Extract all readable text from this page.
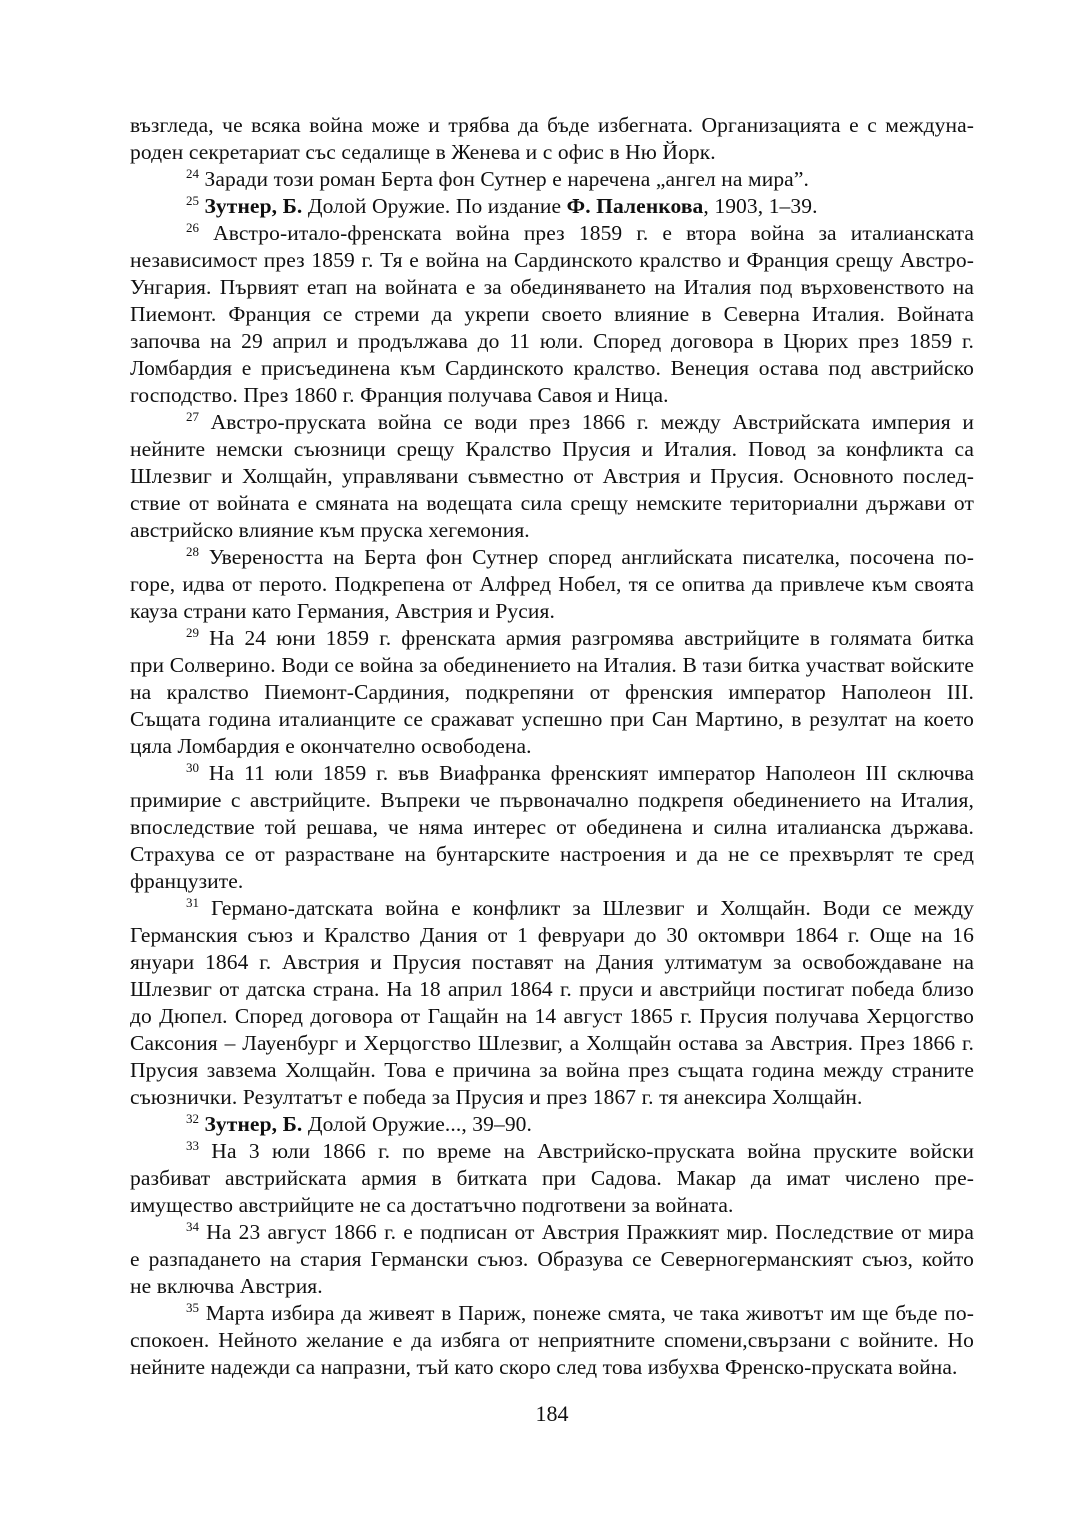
възгледа, че всяка война може и трябва да бъде избегната. Организацията е с междуна-
роден секретариат със седалище в Женева и с офис в Ню Йорк.
$^{24}$ Заради този роман Берта фон Сутнер е наречена „ангел на мира”.
$^{25}$ Зутнер, Б. Долой Оружие. По издание Ф. Паленкова, 1903, 1–39.
$^{26}$ Австро-итало-френската война през 1859 г. е втора война за италианската
независимост през 1859 г. Тя е война на Сардинското кралство и Франция срещу Австро-
Унгария. Първият етап на войната е за обединяването на Италия под върховенството на
Пиемонт. Франция се стреми да укрепи своето влияние в Северна Италия. Войната
започва на 29 април и продължава до 11 юли. Според договора в Цюрих през 1859 г.
Ломбардия е присъединена към Сардинското кралство. Венеция остава под австрийско
господство. През 1860 г. Франция получава Савоя и Ница.
$^{27}$ Австро-пруската война се води през 1866 г. между Австрийската империя и
нейните немски съюзници срещу Кралство Прусия и Италия. Повод за конфликта са
Шлезвиг и Холщайн, управлявани съвместно от Австрия и Прусия. Основното послед-
ствие от войната е смяната на водещата сила срещу немските териториални държави от
австрийско влияние към пруска хегемония.
$^{28}$ Увереността на Берта фон Сутнер според английската писателка, посочена по-
горе, идва от перото. Подкрепена от Алфред Нобел, тя се опитва да привлече към своята
кауза страни като Германия, Австрия и Русия.
$^{29}$ На 24 юни 1859 г. френската армия разгромява австрийците в голямата битка
при Солверино. Води се война за обединението на Италия. В тази битка участват войските
на кралство Пиемонт-Сардиния, подкрепяни от френския император Наполеон III.
Същата година италианците се сражават успешно при Сан Мартино, в резултат на което
цяла Ломбардия е окончателно освободена.
$^{30}$ На 11 юли 1859 г. във Виафранка френският император Наполеон III сключва
примирие с австрийците. Въпреки че първоначално подкрепя обединението на Италия,
впоследствие той решава, че няма интерес от обединена и силна италианска държава.
Страхува се от разрастване на бунтарските настроения и да не се прехвърлят те сред
французите.
$^{31}$ Германо-датската война е конфликт за Шлезвиг и Холщайн. Води се между
Германския съюз и Кралство Дания от 1 февруари до 30 октомври 1864 г. Още на 16
януари 1864 г. Австрия и Прусия поставят на Дания ултиматум за освобождаване на
Шлезвиг от датска страна. На 18 април 1864 г. пруси и австрийци постигат победа близо
до Дюпел. Според договора от Гащайн на 14 август 1865 г. Прусия получава Херцогство
Саксония – Лауенбург и Херцогство Шлезвиг, а Холщайн остава за Австрия. През 1866 г.
Прусия завзема Холщайн. Това е причина за война през същата година между страните
съюзнички. Резултатът е победа за Прусия и през 1867 г. тя анексира Холщайн.
$^{32}$ Зутнер, Б. Долой Оружие..., 39–90.
$^{33}$ На 3 юли 1866 г. по време на Австрийско-пруската война пруските войски
разбиват австрийската армия в битката при Садова. Макар да имат числено пре-
имущество австрийците не са достатъчно подготвени за войната.
$^{34}$ На 23 август 1866 г. е подписан от Австрия Пражкият мир. Последствие от мира
е разпадането на стария Германски съюз. Образува се Северногерманският съюз, който
не включва Австрия.
$^{35}$ Марта избира да живеят в Париж, понеже смята, че така животът им ще бъде по-
спокоен. Нейното желание е да избяга от неприятните спомени,свързани с войните. Но
нейните надежди са напразни, тъй като скоро след това избухва Френско-пруската война.
184
